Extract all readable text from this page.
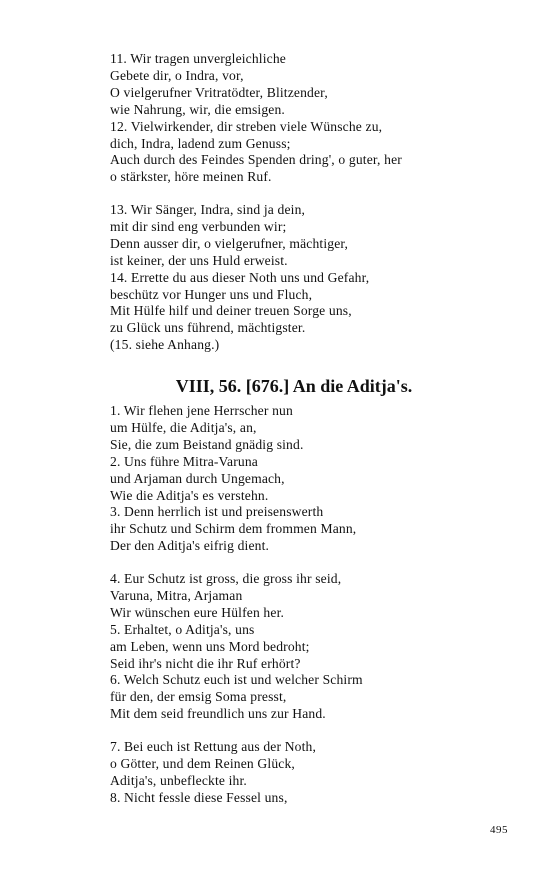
11. Wir tragen unvergleichliche
Gebete dir, o Indra, vor,
O vielgerufner Vritratödter, Blitzender,
wie Nahrung, wir, die emsigen.
12. Vielwirkender, dir streben viele Wünsche zu,
dich, Indra, ladend zum Genuss;
Auch durch des Feindes Spenden dring', o guter, her
o stärkster, höre meinen Ruf.
13. Wir Sänger, Indra, sind ja dein,
mit dir sind eng verbunden wir;
Denn ausser dir, o vielgerufner, mächtiger,
ist keiner, der uns Huld erweist.
14. Errette du aus dieser Noth uns und Gefahr,
beschütz vor Hunger uns und Fluch,
Mit Hülfe hilf und deiner treuen Sorge uns,
zu Glück uns führend, mächtigster.
(15. siehe Anhang.)
VIII, 56. [676.] An die Aditja's.
1. Wir flehen jene Herrscher nun
um Hülfe, die Aditja's, an,
Sie, die zum Beistand gnädig sind.
2. Uns führe Mitra-Varuna
und Arjaman durch Ungemach,
Wie die Aditja's es verstehn.
3. Denn herrlich ist und preisenswerth
ihr Schutz und Schirm dem frommen Mann,
Der den Aditja's eifrig dient.
4. Eur Schutz ist gross, die gross ihr seid,
Varuna, Mitra, Arjaman
Wir wünschen eure Hülfen her.
5. Erhaltet, o Aditja's, uns
am Leben, wenn uns Mord bedroht;
Seid ihr's nicht die ihr Ruf erhört?
6. Welch Schutz euch ist und welcher Schirm
für den, der emsig Soma presst,
Mit dem seid freundlich uns zur Hand.
7. Bei euch ist Rettung aus der Noth,
o Götter, und dem Reinen Glück,
Aditja's, unbefleckte ihr.
8. Nicht fessle diese Fessel uns,
495
